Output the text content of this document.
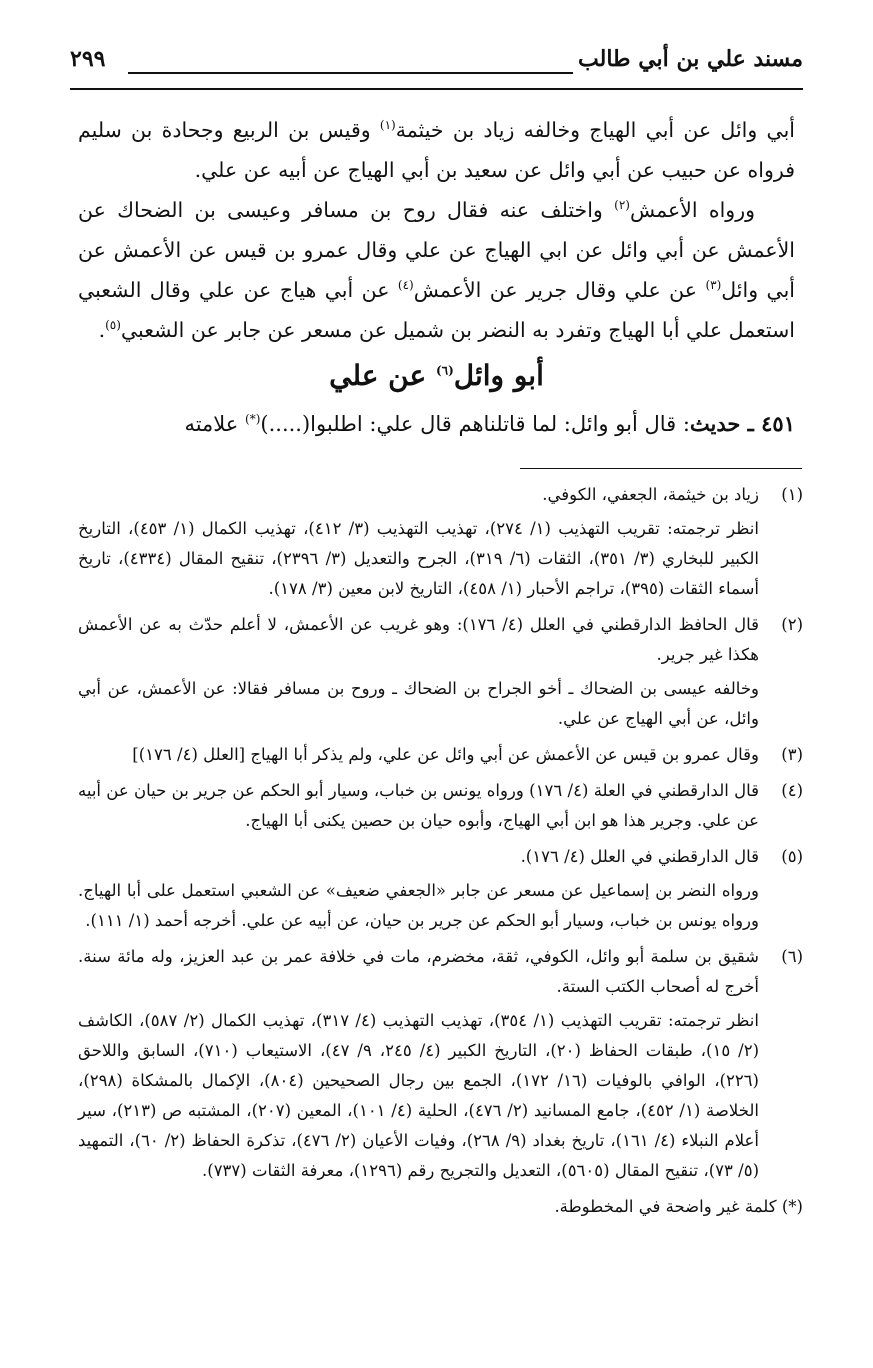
٢٩٩	مسند علي بن أبي طالب

أبي وائل عن أبي الهياج وخالفه زياد بن خيثمة$^{(١)}$ وقيس بن الربيع وجحادة بن سليم فرواه عن حبيب عن أبي وائل عن سعيد بن أبي الهياج عن أبيه عن علي.

ورواه الأعمش$^{(٢)}$ واختلف عنه فقال روح بن مسافر وعيسى بن الضحاك عن الأعمش عن أبي وائل عن ابي الهياج عن علي وقال عمرو بن قيس عن الأعمش عن أبي وائل$^{(٣)}$ عن علي وقال جرير عن الأعمش$^{(٤)}$ عن أبي هياج عن علي وقال الشعبي استعمل علي أبا الهياج وتفرد به النضر بن شميل عن مسعر عن جابر عن الشعبي$^{(٥)}$.

أبو وائل$^{(٦)}$ عن علي
٤٥١ ـ حديث: قال أبو وائل: لما قاتلناهم قال علي: اطلبوا(.....)(*) علامته
(١)

زياد بن خيثمة، الجعفي، الكوفي.

انظر ترجمته: تقريب التهذيب (١/ ٢٧٤)، تهذيب التهذيب (٣/ ٤١٢)، تهذيب الكمال (١/ ٤٥٣)، التاريخ الكبير للبخاري (٣/ ٣٥١)، الثقات (٦/ ٣١٩)، الجرح والتعديل (٣/ ٢٣٩٦)، تنقيح المقال (٤٣٣٤)، تاريخ أسماء الثقات (٣٩٥)، تراجم الأحبار (١/ ٤٥٨)، التاريخ لابن معين (٣/ ١٧٨).

(٢)

قال الحافظ الدارقطني في العلل (٤/ ١٧٦): وهو غريب عن الأعمش، لا أعلم حدّث به عن الأعمش هكذا غير جرير.

وخالفه عيسى بن الضحاك ـ أخو الجراح بن الضحاك ـ وروح بن مسافر فقالا: عن الأعمش، عن أبي وائل، عن أبي الهياج عن علي.

(٣)

وقال عمرو بن قيس عن الأعمش عن أبي وائل عن علي، ولم يذكر أبا الهياج [العلل (٤/ ١٧٦)]

(٤)

قال الدارقطني في العلة (٤/ ١٧٦) ورواه يونس بن خباب، وسيار أبو الحكم عن جرير بن حيان عن أبيه عن علي. وجرير هذا هو ابن أبي الهياج، وأبوه حيان بن حصين يكنى أبا الهياج.

(٥)

قال الدارقطني في العلل (٤/ ١٧٦).

ورواه النضر بن إسماعيل عن مسعر عن جابر «الجعفي ضعيف» عن الشعبي استعمل على أبا الهياج. ورواه يونس بن خباب، وسيار أبو الحكم عن جرير بن حيان، عن أبيه عن علي. أخرجه أحمد (١/ ١١١).

(٦)

شقيق بن سلمة أبو وائل، الكوفي، ثقة، مخضرم، مات في خلافة عمر بن عبد العزيز، وله مائة سنة. أخرج له أصحاب الكتب الستة.

انظر ترجمته: تقريب التهذيب (١/ ٣٥٤)، تهذيب التهذيب (٤/ ٣١٧)، تهذيب الكمال (٢/ ٥٨٧)، الكاشف (٢/ ١٥)، طبقات الحفاظ (٢٠)، التاريخ الكبير (٤/ ٢٤٥، ٩/ ٤٧)، الاستيعاب (٧١٠)، السابق واللاحق (٢٢٦)، الوافي بالوفيات (١٦/ ١٧٢)، الجمع بين رجال الصحيحين (٨٠٤)، الإكمال بالمشكاة (٢٩٨)، الخلاصة (١/ ٤٥٢)، جامع المسانيد (٢/ ٤٧٦)، الحلية (٤/ ١٠١)، المعين (٢٠٧)، المشتبه ص (٢١٣)، سير أعلام النبلاء (٤/ ١٦١)، تاريخ بغداد (٩/ ٢٦٨)، وفيات الأعيان (٢/ ٤٧٦)، تذكرة الحفاظ (٢/ ٦٠)، التمهيد (٥/ ٧٣)، تنقيح المقال (٥٦٠٥)، التعديل والتجريح رقم (١٢٩٦)، معرفة الثقات (٧٣٧).

(*) كلمة غير واضحة في المخطوطة.
